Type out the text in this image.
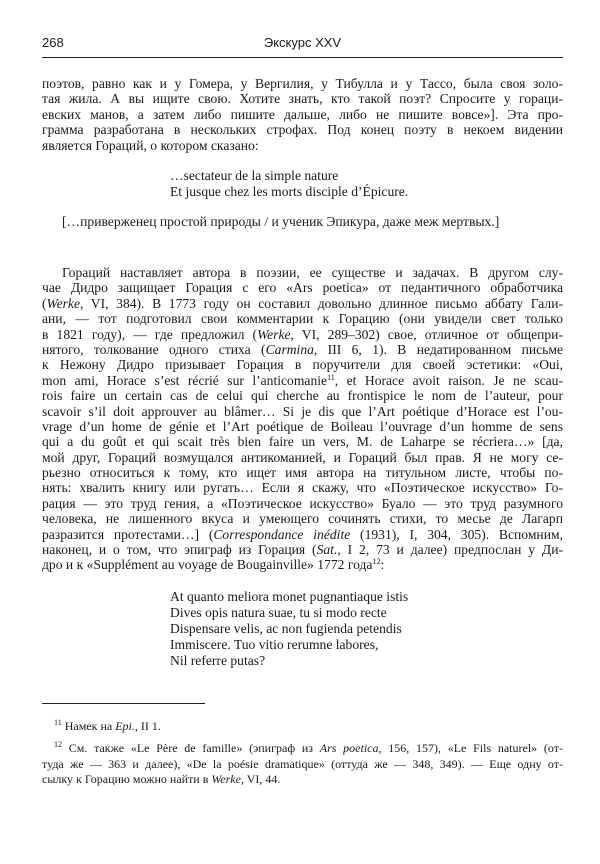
268	Экскурс XXV
поэтов, равно как и у Гомера, у Вергилия, у Тибулла и у Тассо, была своя золо-
тая жила. А вы ищите свою. Хотите знать, кто такой поэт? Спросите у гораци-
евских манов, а затем либо пишите дальше, либо не пишите вовсе»]. Эта про-
грамма разработана в нескольких строфах. Под конец поэту в некоем видении
является Гораций, о котором сказано:
…sectateur de la simple nature
Et jusque chez les morts disciple d’Épicure.
[…приверженец простой природы / и ученик Эпикура, даже меж мертвых.]
Гораций наставляет автора в поэзии, ее существе и задачах. В другом слу-
чае Дидро защищает Горация с его «Ars poetica» от педантичного обработчика
(Werke, VI, 384). В 1773 году он составил довольно длинное письмо аббату Гали-
ани, — тот подготовил свои комментарии к Горацию (они увидели свет только
в 1821 году), — где предложил (Werke, VI, 289–302) свое, отличное от общепри-
нятого, толкование одного стиха (Carmina, III 6, 1). В недатированном письме
к Нежону Дидро призывает Горация в поручители для своей эстетики: «Oui,
mon ami, Horace s’est récrié sur l’anticomanie$^{11}$, et Horace avoit raison. Je ne scau-
rois faire un certain cas de celui qui cherche au frontispice le nom de l’auteur, pour
scavoir s’il doit approuver au blâmer… Si je dis que l’Art poétique d’Horace est l’ou-
vrage d’un home de génie et l’Art poétique de Boileau l’ouvrage d’un homme de sens
qui a du goût et qui scait très bien faire un vers, M. de Laharpe se récriera…» [да,
мой друг, Гораций возмущался антикоманией, и Гораций был прав. Я не могу се-
рьезно относиться к тому, кто ищет имя автора на титульном листе, чтобы по-
нять: хвалить книгу или ругать… Если я скажу, что «Поэтическое искусство» Го-
рация — это труд гения, а «Поэтическое искусство» Буало — это труд разумного
человека, не лишенного вкуса и умеющего сочинять стихи, то месье де Лагарп
разразится протестами…] (Correspondance inédite (1931), I, 304, 305). Вспомним,
наконец, и о том, что эпиграф из Горация (Sat., I 2, 73 и далее) предпослан у Ди-
дро и к «Supplément au voyage de Bougainville» 1772 года$^{12}$:
At quanto meliora monet pugnantiaque istis
Dives opis natura suae, tu si modo recte
Dispensare velis, ac non fugienda petendis
Immiscere. Tuo vitio rerumne labores,
Nil referre putas?
$^{11}$ Намек на Epi., II 1.
$^{12}$ См. также «Le Père de famille» (эпиграф из Ars poetica, 156, 157), «Le Fils naturel» (от-
туда же — 363 и далее), «De la poésie dramatique» (оттуда же — 348, 349). — Еще одну от-
сылку к Горацию можно найти в Werke, VI, 44.
